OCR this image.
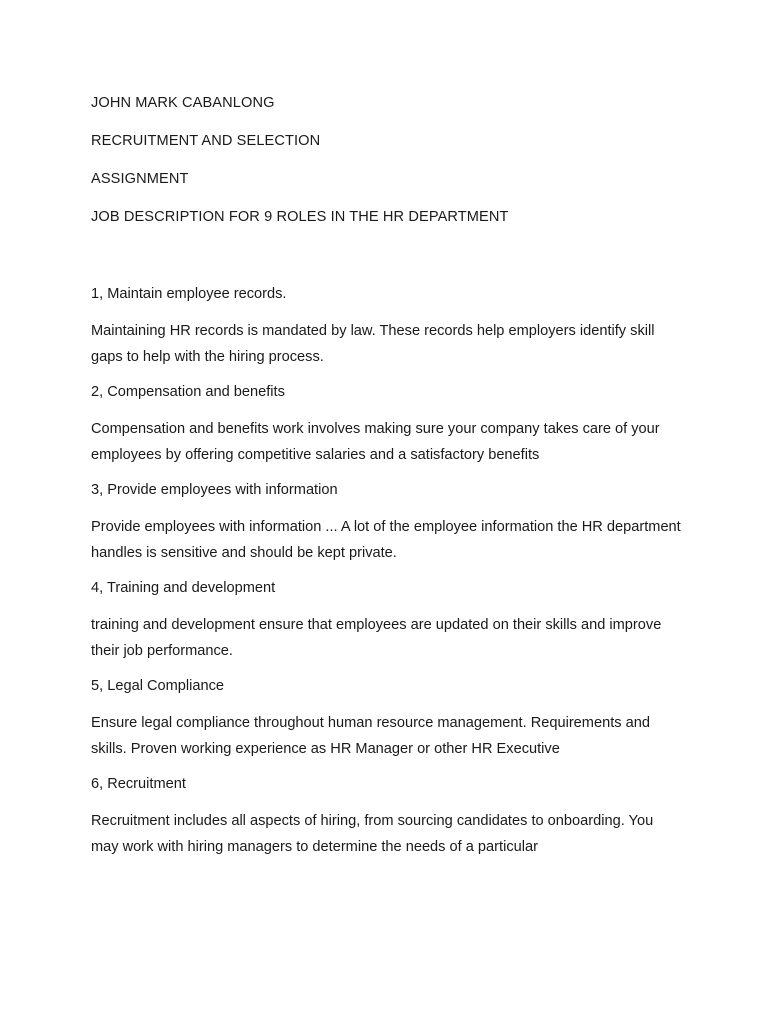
JOHN MARK CABANLONG

RECRUITMENT AND SELECTION

ASSIGNMENT

JOB DESCRIPTION FOR 9 ROLES IN THE HR DEPARTMENT

1, Maintain employee records.

Maintaining HR records is mandated by law. These records help employers identify skill gaps to help with the hiring process.

2, Compensation and benefits

Compensation and benefits work involves making sure your company takes care of your employees by offering competitive salaries and a satisfactory benefits

3, Provide employees with information

Provide employees with information ... A lot of the employee information the HR department handles is sensitive and should be kept private.

4, Training and development

training and development ensure that employees are updated on their skills and improve their job performance.

5, Legal Compliance

Ensure legal compliance throughout human resource management. Requirements and skills. Proven working experience as HR Manager or other HR Executive

6, Recruitment

Recruitment includes all aspects of hiring, from sourcing candidates to onboarding. You may work with hiring managers to determine the needs of a particular
